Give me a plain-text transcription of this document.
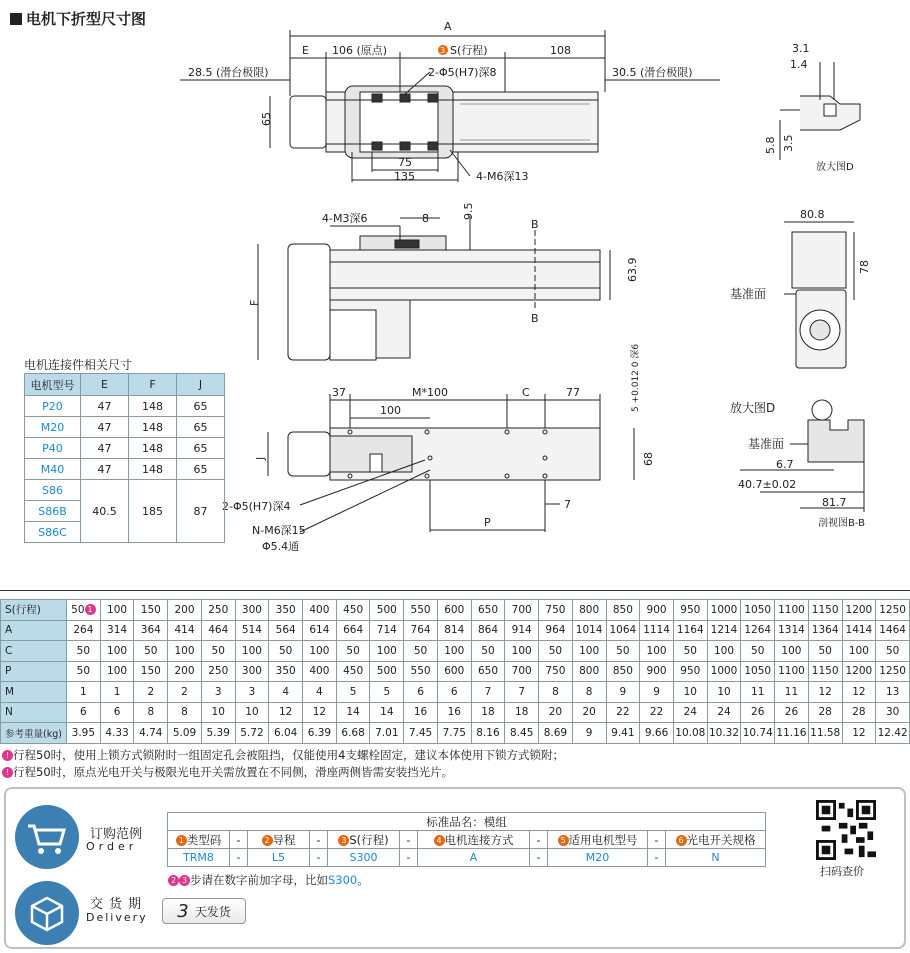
电机下折型尺寸图	A
E 106 (原点)	3 S(行程)	108
28.5 (滑台极限)	30.5 (滑台极限)
2-Φ5(H7)深8
65
75
135	4-M6深13
4-M3深6	8	9.5
B
B
63.9
F
37	M*100	C	77
100	5 +0.012 0 深6
J	68
7
2-Φ5(H7)深4
P
N-M6深15
Φ5.4通
3.1
1.4
5.8 3.5
放大图D
80.8
78
基准面
放大图D
基准面
6.7
40.7±0.02
81.7
剖视图B-B
电机连接件相关尺寸
电机型号	E	F	J
P20	47	148	65
M20	47	148	65
P40	47	148	65
M40	47	148	65
S86	40.5	185	87
S86B			
S86C			
S(行程)	50 1	100	150	200	250	300	350	400	450	500	550	600	650	700	750	800	850	900	950	1000	1050	1100	1150	1200	1250
A	264	314	364	414	464	514	564	614	664	714	764	814	864	914	964	1014	1064	1114	1164	1214	1264	1314	1364	1414	1464
C	50	100	50	100	50	100	50	100	50	100	50	100	50	100	50	100	50	100	50	100	50	100	50	100	50
P	50	100	150	200	250	300	350	400	450	500	550	600	650	700	750	800	850	900	950	1000	1050	1100	1150	1200	1250
M	1	1	2	2	3	3	4	4	5	5	6	6	7	7	8	8	9	9	10	10	11	11	12	12	13
N	6	6	8	8	10	10	12	12	14	14	16	16	18	18	20	20	22	22	24	24	26	26	28	28	30
参考重量(kg)	3.95	4.33	4.74	5.09	5.39	5.72	6.04	6.39	6.68	7.01	7.45	7.75	8.16	8.45	8.69	9	9.41	9.66	10.08	10.32	10.74	11.16	11.58	12	12.42
! 行程50时，使用上锁方式锁附时一组固定孔会被阻挡，仅能使用4支螺栓固定，建议本体使用下锁方式锁附；
! 行程50时，原点光电开关与极限光电开关需放置在不同侧，滑座两侧皆需安装挡光片。
订购范例
Order
标准品名：模组										
1 类型码	-	2 导程	-	3 S(行程)	-	4 电机连接方式	-	5 适用电机型号	-	6 光电开关规格
TRM8	-	L5	-	S300	-	A	-	M20	-	N
2 3 步请在数字前加字母，比如S300。
交货期
Delivery 3 天发货
扫码查价
